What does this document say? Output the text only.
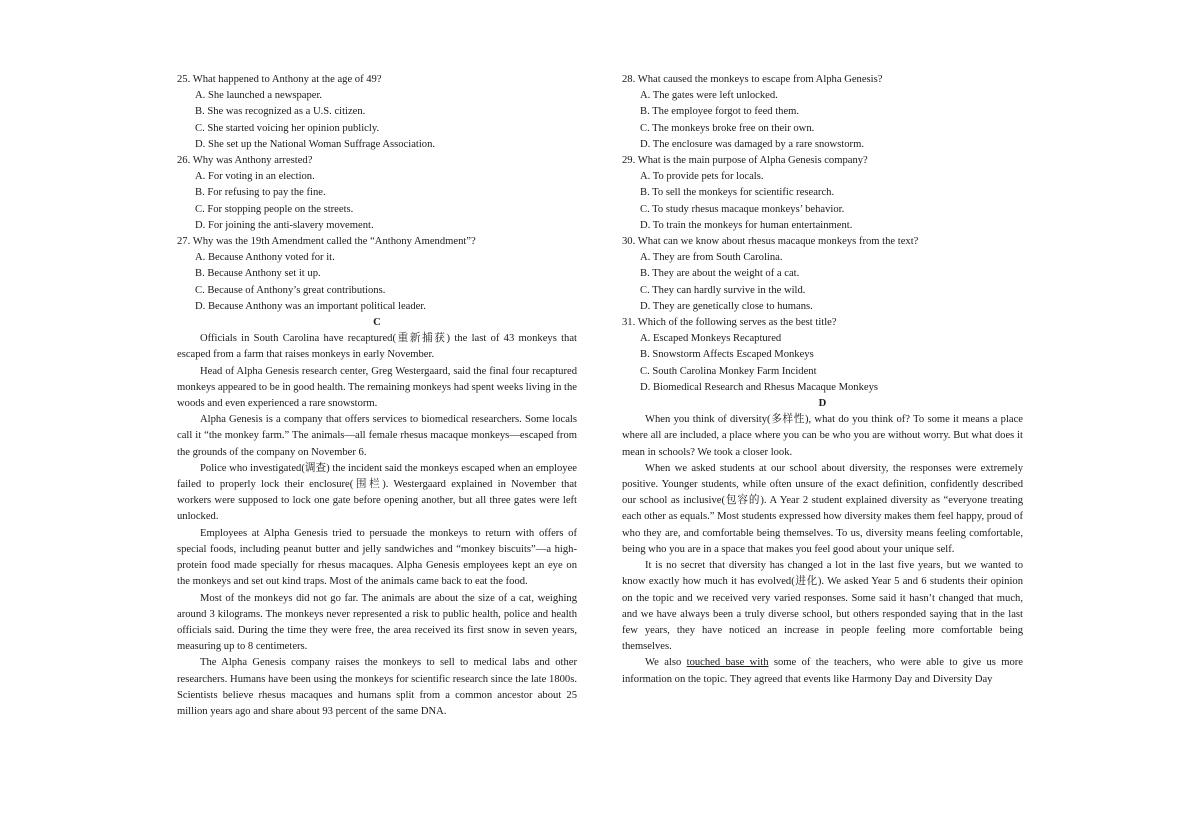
25. What happened to Anthony at the age of 49?

A. She launched a newspaper.

B. She was recognized as a U.S. citizen.

C. She started voicing her opinion publicly.

D. She set up the National Woman Suffrage Association.

26. Why was Anthony arrested?

A. For voting in an election.

B. For refusing to pay the fine.

C. For stopping people on the streets.

D. For joining the anti-slavery movement.

27. Why was the 19th Amendment called the “Anthony Amendment”?

A. Because Anthony voted for it.

B. Because Anthony set it up.

C. Because of Anthony’s great contributions.

D. Because Anthony was an important political leader.

C

Officials in South Carolina have recaptured(重新捕获) the last of 43 monkeys that escaped from a farm that raises monkeys in early November.

Head of Alpha Genesis research center, Greg Westergaard, said the final four recaptured monkeys appeared to be in good health. The remaining monkeys had spent weeks living in the woods and even experienced a rare snowstorm.

Alpha Genesis is a company that offers services to biomedical researchers. Some locals call it “the monkey farm.” The animals—all female rhesus macaque monkeys—escaped from the grounds of the company on November 6.

Police who investigated(调查) the incident said the monkeys escaped when an employee failed to properly lock their enclosure(围栏). Westergaard explained in November that workers were supposed to lock one gate before opening another, but all three gates were left unlocked.

Employees at Alpha Genesis tried to persuade the monkeys to return with offers of special foods, including peanut butter and jelly sandwiches and “monkey biscuits”—a high-protein food made specially for rhesus macaques. Alpha Genesis employees kept an eye on the monkeys and set out kind traps. Most of the animals came back to eat the food.

Most of the monkeys did not go far. The animals are about the size of a cat, weighing around 3 kilograms. The monkeys never represented a risk to public health, police and health officials said. During the time they were free, the area received its first snow in seven years, measuring up to 8 centimeters.

The Alpha Genesis company raises the monkeys to sell to medical labs and other researchers. Humans have been using the monkeys for scientific research since the late 1800s. Scientists believe rhesus macaques and humans split from a common ancestor about 25 million years ago and share about 93 percent of the same DNA.

28. What caused the monkeys to escape from Alpha Genesis?

A. The gates were left unlocked.

B. The employee forgot to feed them.

C. The monkeys broke free on their own.

D. The enclosure was damaged by a rare snowstorm.

29. What is the main purpose of Alpha Genesis company?

A. To provide pets for locals.

B. To sell the monkeys for scientific research.

C. To study rhesus macaque monkeys’ behavior.

D. To train the monkeys for human entertainment.

30. What can we know about rhesus macaque monkeys from the text?

A. They are from South Carolina.

B. They are about the weight of a cat.

C. They can hardly survive in the wild.

D. They are genetically close to humans.

31. Which of the following serves as the best title?

A. Escaped Monkeys Recaptured

B. Snowstorm Affects Escaped Monkeys

C. South Carolina Monkey Farm Incident

D. Biomedical Research and Rhesus Macaque Monkeys

D

When you think of diversity(多样性), what do you think of? To some it means a place where all are included, a place where you can be who you are without worry. But what does it mean in schools? We took a closer look.

When we asked students at our school about diversity, the responses were extremely positive. Younger students, while often unsure of the exact definition, confidently described our school as inclusive(包容的). A Year 2 student explained diversity as “everyone treating each other as equals.” Most students expressed how diversity makes them feel happy, proud of who they are, and comfortable being themselves. To us, diversity means feeling comfortable, being who you are in a space that makes you feel good about your unique self.

It is no secret that diversity has changed a lot in the last five years, but we wanted to know exactly how much it has evolved(进化). We asked Year 5 and 6 students their opinion on the topic and we received very varied responses. Some said it hasn’t changed that much, and we have always been a truly diverse school, but others responded saying that in the last few years, they have noticed an increase in people feeling more comfortable being themselves.

We also touched base with some of the teachers, who were able to give us more information on the topic. They agreed that events like Harmony Day and Diversity Day
